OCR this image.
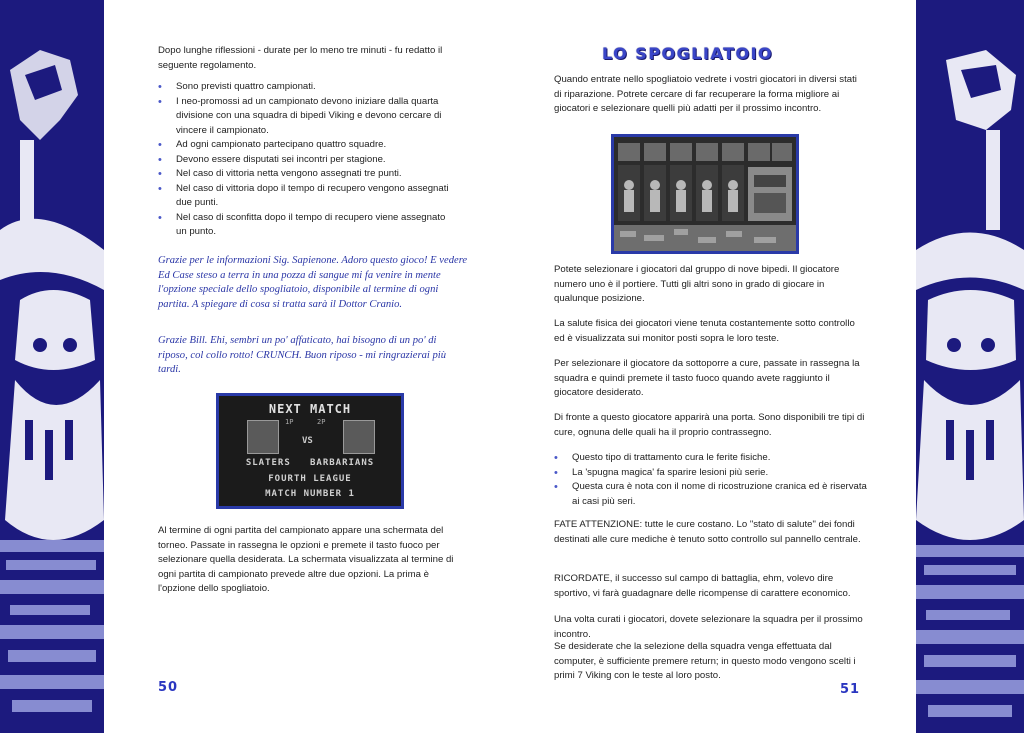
Dopo lunghe riflessioni - durate per lo meno tre minuti - fu redatto il seguente regolamento.

• Sono previsti quattro campionati.
• I neo-promossi ad un campionato devono iniziare dalla quarta divisione con una squadra di bipedi Viking e devono cercare di vincere il campionato.
• Ad ogni campionato partecipano quattro squadre.
• Devono essere disputati sei incontri per stagione.
• Nel caso di vittoria netta vengono assegnati tre punti.
• Nel caso di vittoria dopo il tempo di recupero vengono assegnati due punti.
• Nel caso di sconfitta dopo il tempo di recupero viene assegnato un punto.

Grazie per le informazioni Sig. Sapienone. Adoro questo gioco! E vedere Ed Case steso a terra in una pozza di sangue mi fa venire in mente l'opzione speciale dello spogliatoio, disponibile al termine di ogni partita. A spiegare di cosa si tratta sarà il Dottor Cranio.

Grazie Bill. Ehi, sembri un po' affaticato, hai bisogno di un po' di riposo, col collo rotto! CRUNCH. Buon riposo - mi ringrazierai più tardi.

NEXT MATCH
1P	2P
VS
SLATERS   BARBARIANS
FOURTH LEAGUE
MATCH NUMBER 1

Al termine di ogni partita del campionato appare una schermata del torneo. Passate in rassegna le opzioni e premete il tasto fuoco per selezionare quella desiderata. La schermata visualizzata al termine di ogni partita di campionato prevede altre due opzioni. La prima è l'opzione dello spogliatoio.

50
LO SPOGLIATOIO

Quando entrate nello spogliatoio vedrete i vostri giocatori in diversi stati di riparazione. Potrete cercare di far recuperare la forma migliore ai giocatori e selezionare quelli più adatti per il prossimo incontro.

Potete selezionare i giocatori dal gruppo di nove bipedi. Il giocatore numero uno è il portiere. Tutti gli altri sono in grado di giocare in qualunque posizione.

La salute fisica dei giocatori viene tenuta costantemente sotto controllo ed è visualizzata sui monitor posti sopra le loro teste.

Per selezionare il giocatore da sottoporre a cure, passate in rassegna la squadra e quindi premete il tasto fuoco quando avete raggiunto il giocatore desiderato.

Di fronte a questo giocatore apparirà una porta. Sono disponibili tre tipi di cure, ognuna delle quali ha il proprio contrassegno.

• Questo tipo di trattamento cura le ferite fisiche.
• La 'spugna magica' fa sparire lesioni più serie.
• Questa cura è nota con il nome di ricostruzione cranica ed è riservata ai casi più seri.

FATE ATTENZIONE: tutte le cure costano. Lo "stato di salute" dei fondi destinati alle cure mediche è tenuto sotto controllo sul pannello centrale.

RICORDATE, il successo sul campo di battaglia, ehm, volevo dire sportivo, vi farà guadagnare delle ricompense di carattere economico.

Una volta curati i giocatori, dovete selezionare la squadra per il prossimo incontro.

Se desiderate che la selezione della squadra venga effettuata dal computer, è sufficiente premere return; in questo modo vengono scelti i primi 7 Viking con le teste al loro posto.

51
